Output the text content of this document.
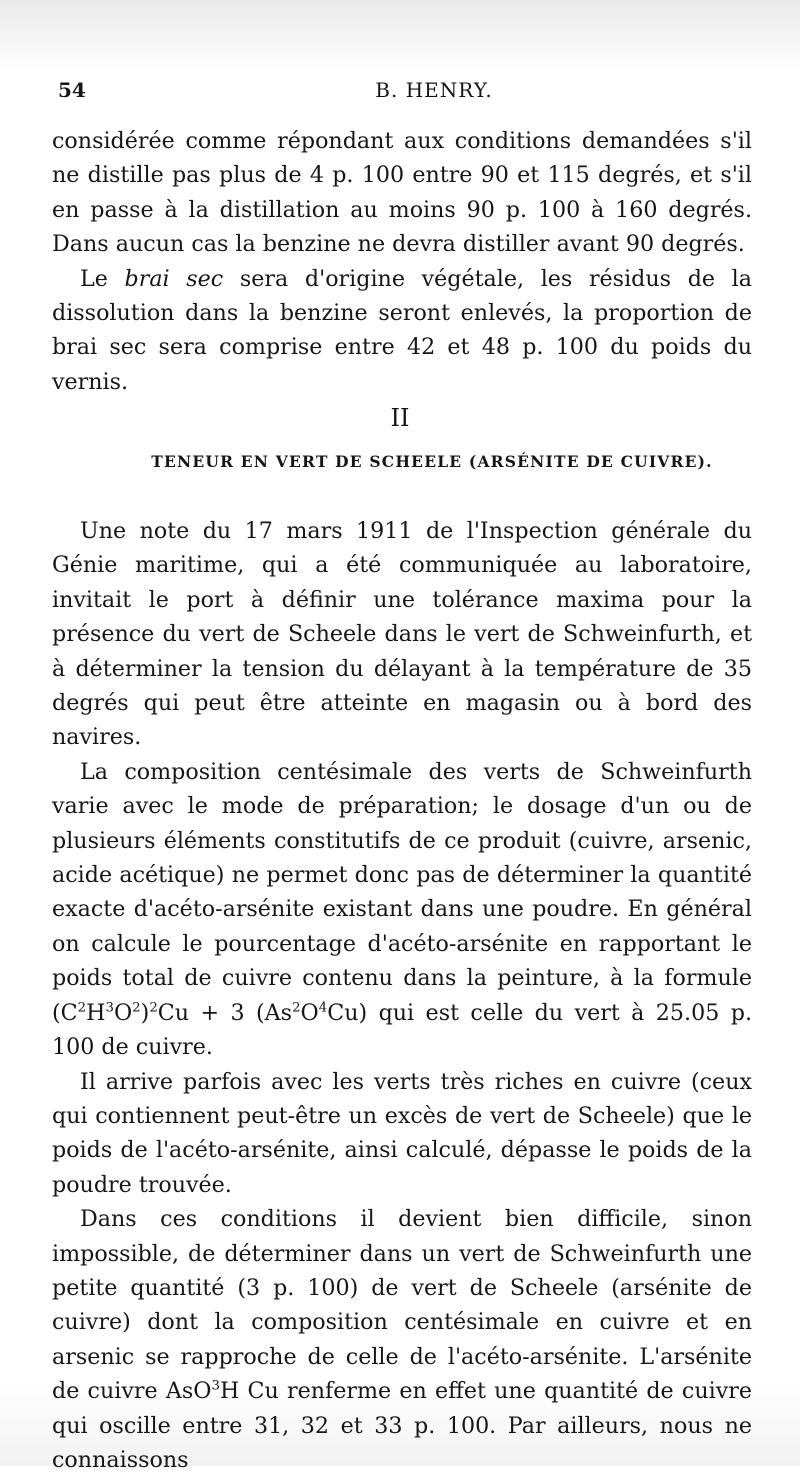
54	B. HENRY.

considérée comme répondant aux conditions demandées s'il ne distille pas plus de 4 p. 100 entre 90 et 115 degrés, et s'il en passe à la distillation au moins 90 p. 100 à 160 degrés. Dans aucun cas la benzine ne devra distiller avant 90 degrés.

Le brai sec sera d'origine végétale, les résidus de la dissolution dans la benzine seront enlevés, la proportion de brai sec sera comprise entre 42 et 48 p. 100 du poids du vernis.

II
TENEUR EN VERT DE SCHEELE (ARSÉNITE DE CUIVRE).

Une note du 17 mars 1911 de l'Inspection générale du Génie maritime, qui a été communiquée au laboratoire, invitait le port à définir une tolérance maxima pour la présence du vert de Scheele dans le vert de Schweinfurth, et à déterminer la tension du délayant à la température de 35 degrés qui peut être atteinte en magasin ou à bord des navires.

La composition centésimale des verts de Schweinfurth varie avec le mode de préparation; le dosage d'un ou de plusieurs éléments constitutifs de ce produit (cuivre, arsenic, acide acétique) ne permet donc pas de déterminer la quantité exacte d'acéto-arsénite existant dans une poudre. En général on calcule le pourcentage d'acéto-arsénite en rapportant le poids total de cuivre contenu dans la peinture, à la formule $(C^2H^3O^2)^2Cu + 3$ $(As^2O^4Cu)$ qui est celle du vert à 25.05 p. 100 de cuivre.

Il arrive parfois avec les verts très riches en cuivre (ceux qui contiennent peut-être un excès de vert de Scheele) que le poids de l'acéto-arsénite, ainsi calculé, dépasse le poids de la poudre trouvée.

Dans ces conditions il devient bien difficile, sinon impossible, de déterminer dans un vert de Schweinfurth une petite quantité (3 p. 100) de vert de Scheele (arsénite de cuivre) dont la composition centésimale en cuivre et en arsenic se rapproche de celle de l'acéto-arsénite. L'arsénite de cuivre AsO$^3$H Cu renferme en effet une quantité de cuivre qui oscille entre 31, 32 et 33 p. 100. Par ailleurs, nous ne connaissons
